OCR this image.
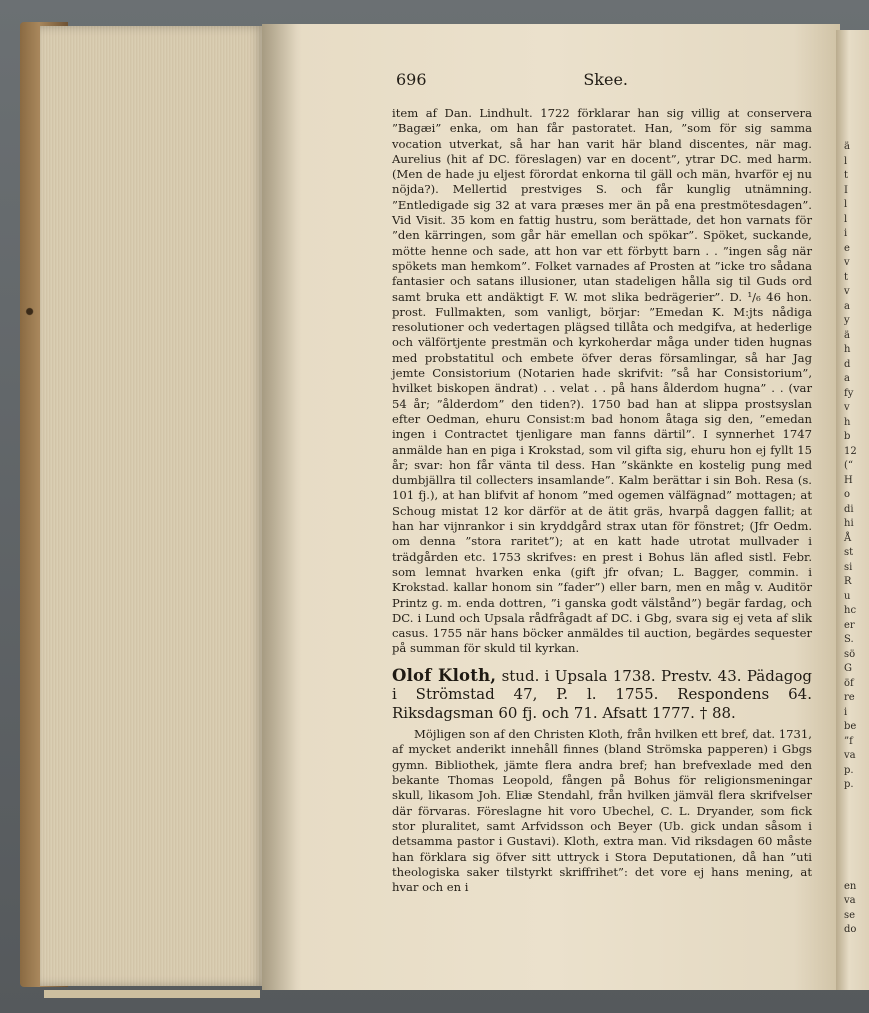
ä
l
t
I
l
l
i
e
v
t
v
a
y
ä
h
d
a
fy
v
h
b
12
(“
H
o
di
hi
Å
st
si
R
u
hc
er
S.
sö
G
öf
re
i
be
”f
va
p.
p.
en
va
se
do
696	Skee.

item af Dan. Lindhult. 1722 förklarar han sig villig at conservera ”Bagæi” enka, om han får pastoratet. Han, ”som för sig samma vocation utverkat, så har han varit här bland discentes, när mag. Aurelius (hit af DC. föreslagen) var en docent”, ytrar DC. med harm. (Men de hade ju eljest förordat enkorna til gäll och män, hvarför ej nu nöjda?). Mellertid prestviges S. och får kunglig utnämning. ”Entledigade sig 32 at vara præses mer än på ena prestmötesdagen”. Vid Visit. 35 kom en fattig hustru, som berättade, det hon varnats för ”den kärringen, som går här emellan och spökar”. Spöket, suckande, mötte henne och sade, att hon var ett förbytt barn . . ”ingen såg när spökets man hemkom”. Folket varnades af Prosten at ”icke tro sådana fantasier och satans illusioner, utan stadeligen hålla sig til Guds ord samt bruka ett andäktigt F. W. mot slika bedrägerier”. D. ¹/₆ 46 hon. prost. Fullmakten, som vanligt, börjar: ”Emedan K. M:jts nådiga resolutioner och vedertagen plägsed tillåta och medgifva, at hederlige och välförtjente prestmän och kyrkoherdar måga under tiden hugnas med probstatitul och embete öfver deras församlingar, så har Jag jemte Consistorium (Notarien hade skrifvit: ”så har Consistorium”, hvilket biskopen ändrat) . . velat . . på hans ålderdom hugna” . . (var 54 år; ”ålderdom” den tiden?). 1750 bad han at slippa prostsyslan efter Oedman, ehuru Consist:m bad honom åtaga sig den, ”emedan ingen i Contractet tjenligare man fanns därtil”. I synnerhet 1747 anmälde han en piga i Krokstad, som vil gifta sig, ehuru hon ej fyllt 15 år; svar: hon får vänta til dess. Han ”skänkte en kostelig pung med dumbjällra til collecters insamlande”. Kalm berättar i sin Boh. Resa (s. 101 fj.), at han blifvit af honom ”med ogemen välfägnad” mottagen; at Schoug mistat 12 kor därför at de ätit gräs, hvarpå daggen fallit; at han har vijnrankor i sin kryddgård strax utan för fönstret; (Jfr Oedm. om denna ”stora raritet”); at en katt hade utrotat mullvader i trädgården etc. 1753 skrifves: en prest i Bohus län afled sistl. Febr. som lemnat hvarken enka (gift jfr ofvan; L. Bagger, commin. i Krokstad. kallar honom sin ”fader”) eller barn, men en måg v. Auditör Printz g. m. enda dottren, ”i ganska godt välstånd”) begär fardag, och DC. i Lund och Upsala rådfrågadt af DC. i Gbg, svara sig ej veta af slik casus. 1755 när hans böcker anmäldes til auction, begärdes sequester på summan för skuld til kyrkan.

Olof Kloth, stud. i Upsala 1738. Prestv. 43. Pädagog i Strömstad 47, P. l. 1755. Respondens 64. Riksdagsman 60 fj. och 71. Afsatt 1777. † 88.

Möjligen son af den Christen Kloth, från hvilken ett bref, dat. 1731, af mycket anderikt innehåll finnes (bland Strömska papperen) i Gbgs gymn. Bibliothek, jämte flera andra bref; han brefvexlade med den bekante Thomas Leopold, fången på Bohus för religionsmeningar skull, likasom Joh. Eliæ Stendahl, från hvilken jämväl flera skrifvelser där förvaras. Föreslagne hit voro Ubechel, C. L. Dryander, som fick stor pluralitet, samt Arfvidsson och Beyer (Ub. gick undan såsom i detsamma pastor i Gustavi). Kloth, extra man. Vid riksdagen 60 måste han förklara sig öfver sitt uttryck i Stora Deputationen, då han ”uti theologiska saker tilstyrkt skriffrihet”: det vore ej hans mening, at hvar och en i
